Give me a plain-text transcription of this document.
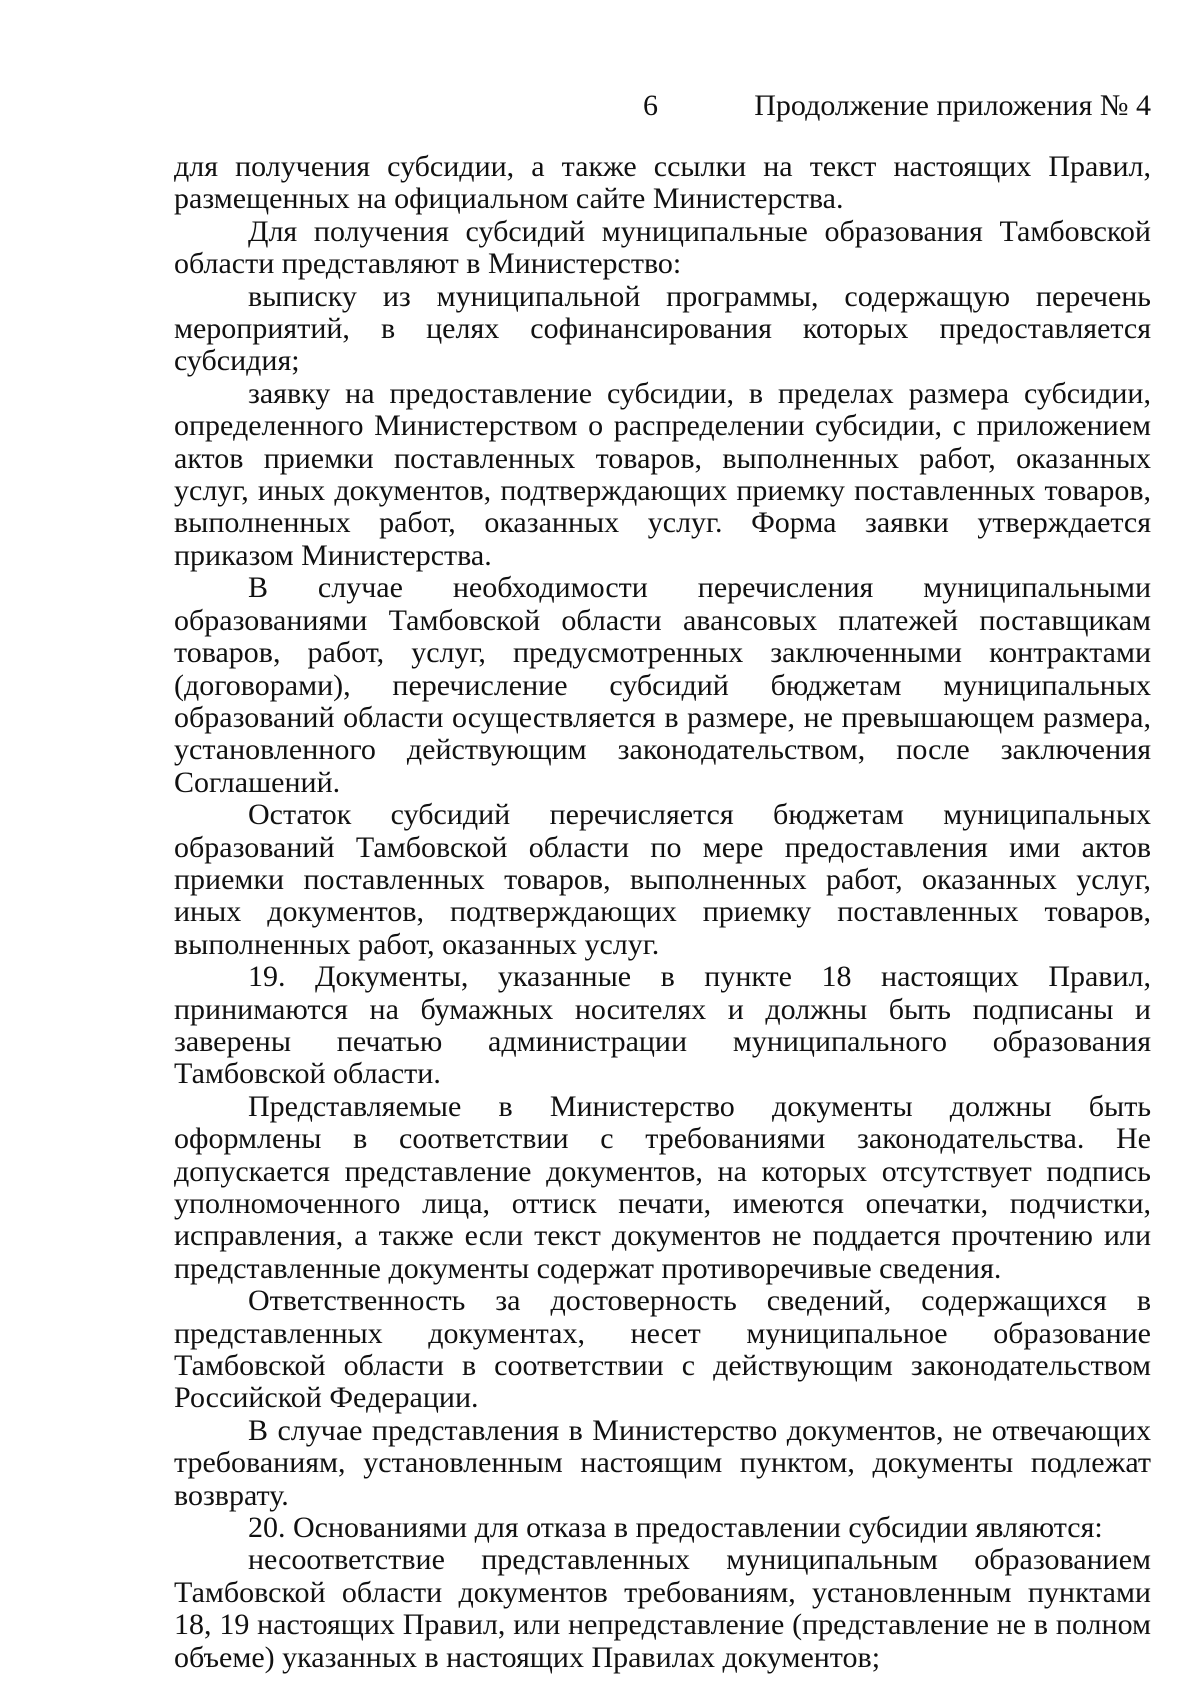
6	Продолжение приложения № 4

для получения субсидии, а также ссылки на текст настоящих Правил, размещенных на официальном сайте Министерства.

Для получения субсидий муниципальные образования Тамбовской области представляют в Министерство:

выписку из муниципальной программы, содержащую перечень мероприятий, в целях софинансирования которых предоставляется субсидия;

заявку на предоставление субсидии, в пределах размера субсидии, определенного Министерством о распределении субсидии, с приложением актов приемки поставленных товаров, выполненных работ, оказанных услуг, иных документов, подтверждающих приемку поставленных товаров, выполненных работ, оказанных услуг. Форма заявки утверждается приказом Министерства.

В случае необходимости перечисления муниципальными образованиями Тамбовской области авансовых платежей поставщикам товаров, работ, услуг, предусмотренных заключенными контрактами (договорами), перечисление субсидий бюджетам муниципальных образований области осуществляется в размере, не превышающем размера, установленного действующим законодательством, после заключения Соглашений.

Остаток субсидий перечисляется бюджетам муниципальных образований Тамбовской области по мере предоставления ими актов приемки поставленных товаров, выполненных работ, оказанных услуг, иных документов, подтверждающих приемку поставленных товаров, выполненных работ, оказанных услуг.

19. Документы, указанные в пункте 18 настоящих Правил, принимаются на бумажных носителях и должны быть подписаны и заверены печатью администрации муниципального образования Тамбовской области.

Представляемые в Министерство документы должны быть оформлены в соответствии с требованиями законодательства. Не допускается представление документов, на которых отсутствует подпись уполномоченного лица, оттиск печати, имеются опечатки, подчистки, исправления, а также если текст документов не поддается прочтению или представленные документы содержат противоречивые сведения.

Ответственность за достоверность сведений, содержащихся в представленных документах, несет муниципальное образование Тамбовской области в соответствии с действующим законодательством Российской Федерации.

В случае представления в Министерство документов, не отвечающих требованиям, установленным настоящим пунктом, документы подлежат возврату.

20. Основаниями для отказа в предоставлении субсидии являются:

несоответствие представленных муниципальным образованием Тамбовской области документов требованиям, установленным пунктами 18, 19 настоящих Правил, или непредставление (представление не в полном объеме) указанных в настоящих Правилах документов;
